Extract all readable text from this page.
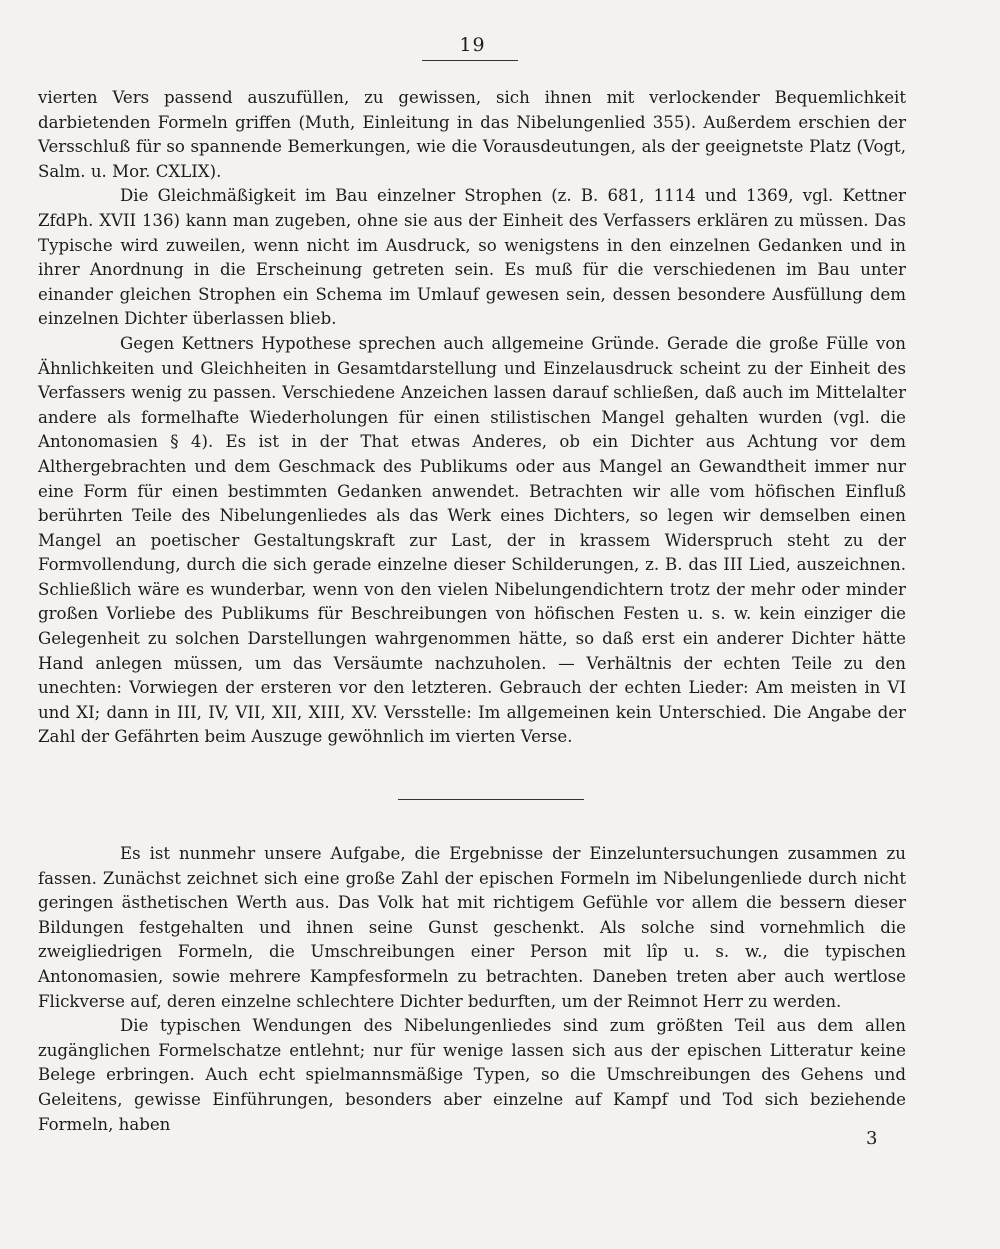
19

vierten Vers passend auszufüllen, zu gewissen, sich ihnen mit verlockender Bequemlichkeit darbietenden Formeln griffen (Muth, Einleitung in das Nibelungenlied 355). Außerdem erschien der Versschluß für so spannende Bemerkungen, wie die Vorausdeutungen, als der geeignetste Platz (Vogt, Salm. u. Mor. CXLIX).

Die Gleichmäßigkeit im Bau einzelner Strophen (z. B. 681, 1114 und 1369, vgl. Kettner ZfdPh. XVII 136) kann man zugeben, ohne sie aus der Einheit des Verfassers erklären zu müssen. Das Typische wird zuweilen, wenn nicht im Ausdruck, so wenigstens in den einzelnen Gedanken und in ihrer Anordnung in die Erscheinung getreten sein. Es muß für die verschiedenen im Bau unter einander gleichen Strophen ein Schema im Umlauf gewesen sein, dessen besondere Ausfüllung dem einzelnen Dichter überlassen blieb.

Gegen Kettners Hypothese sprechen auch allgemeine Gründe. Gerade die große Fülle von Ähnlichkeiten und Gleichheiten in Gesamtdarstellung und Einzelausdruck scheint zu der Einheit des Verfassers wenig zu passen. Verschiedene Anzeichen lassen darauf schließen, daß auch im Mittelalter andere als formelhafte Wiederholungen für einen stilistischen Mangel gehalten wurden (vgl. die Antonomasien § 4). Es ist in der That etwas Anderes, ob ein Dichter aus Achtung vor dem Althergebrachten und dem Geschmack des Publikums oder aus Mangel an Gewandtheit immer nur eine Form für einen bestimmten Gedanken anwendet. Betrachten wir alle vom höfischen Einfluß berührten Teile des Nibelungenliedes als das Werk eines Dichters, so legen wir demselben einen Mangel an poetischer Gestaltungskraft zur Last, der in krassem Widerspruch steht zu der Formvollendung, durch die sich gerade einzelne dieser Schilderungen, z. B. das III Lied, auszeichnen. Schließlich wäre es wunderbar, wenn von den vielen Nibelungendichtern trotz der mehr oder minder großen Vorliebe des Publikums für Beschreibungen von höfischen Festen u. s. w. kein einziger die Gelegenheit zu solchen Darstellungen wahrgenommen hätte, so daß erst ein anderer Dichter hätte Hand anlegen müssen, um das Versäumte nachzuholen. — Verhältnis der echten Teile zu den unechten: Vorwiegen der ersteren vor den letzteren. Gebrauch der echten Lieder: Am meisten in VI und XI; dann in III, IV, VII, XII, XIII, XV. Versstelle: Im allgemeinen kein Unterschied. Die Angabe der Zahl der Gefährten beim Auszuge gewöhnlich im vierten Verse.

Es ist nunmehr unsere Aufgabe, die Ergebnisse der Einzeluntersuchungen zusammen zu fassen. Zunächst zeichnet sich eine große Zahl der epischen Formeln im Nibelungenliede durch nicht geringen ästhetischen Werth aus. Das Volk hat mit richtigem Gefühle vor allem die bessern dieser Bildungen festgehalten und ihnen seine Gunst geschenkt. Als solche sind vornehmlich die zweigliedrigen Formeln, die Umschreibungen einer Person mit lîp u. s. w., die typischen Antonomasien, sowie mehrere Kampfesformeln zu betrachten. Daneben treten aber auch wertlose Flickverse auf, deren einzelne schlechtere Dichter bedurften, um der Reimnot Herr zu werden.

Die typischen Wendungen des Nibelungenliedes sind zum größten Teil aus dem allen zugänglichen Formelschatze entlehnt; nur für wenige lassen sich aus der epischen Litteratur keine Belege erbringen. Auch echt spielmannsmäßige Typen, so die Umschreibungen des Gehens und Geleitens, gewisse Einführungen, besonders aber einzelne auf Kampf und Tod sich beziehende Formeln, haben

3
